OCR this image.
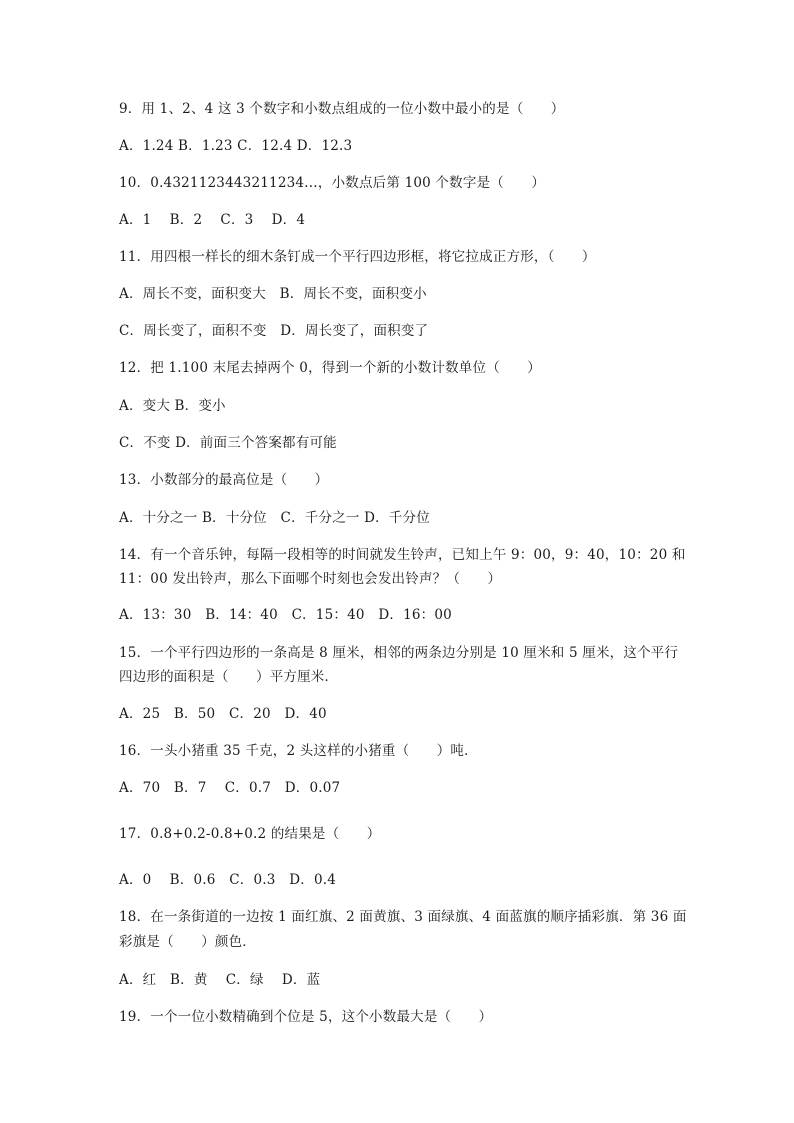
9．用 1、2、4 这 3 个数字和小数点组成的一位小数中最小的是（　　）
A．1.24 B．1.23 C．12.4 D．12.3
10．0.4321123443211234…，小数点后第 100 个数字是（　　）
A．1　 B．2　 C．3　 D．4
11．用四根一样长的细木条钉成一个平行四边形框，将它拉成正方形，（　　）
A．周长不变，面积变大　B．周长不变，面积变小
C．周长变了，面积不变　D．周长变了，面积变了
12．把 1.100 末尾去掉两个 0，得到一个新的小数计数单位（　　）
A．变大 B．变小
C．不变 D．前面三个答案都有可能
13．小数部分的最高位是（　　）
A．十分之一 B．十分位　C．千分之一 D．千分位
14．有一个音乐钟，每隔一段相等的时间就发生铃声，已知上午 9：00，9：40，10：20 和
11：00 发出铃声，那么下面哪个时刻也会发出铃声？（　　）
A．13：30　B．14：40　C．15：40　D．16：00
15．一个平行四边形的一条高是 8 厘米，相邻的两条边分别是 10 厘米和 5 厘米，这个平行
四边形的面积是（　　）平方厘米．
A．25　B．50　C．20　D．40
16．一头小猪重 35 千克，2 头这样的小猪重（　　）吨．
A．70　B．7　 C．0.7　D．0.07
17．0.8+0.2-0.8+0.2 的结果是（　　）
A．0　 B．0.6　C．0.3　D．0.4
18．在一条街道的一边按 1 面红旗、2 面黄旗、3 面绿旗、4 面蓝旗的顺序插彩旗．第 36 面
彩旗是（　　）颜色．
A．红　B．黄　 C．绿　 D．蓝
19．一个一位小数精确到个位是 5，这个小数最大是（　　）
